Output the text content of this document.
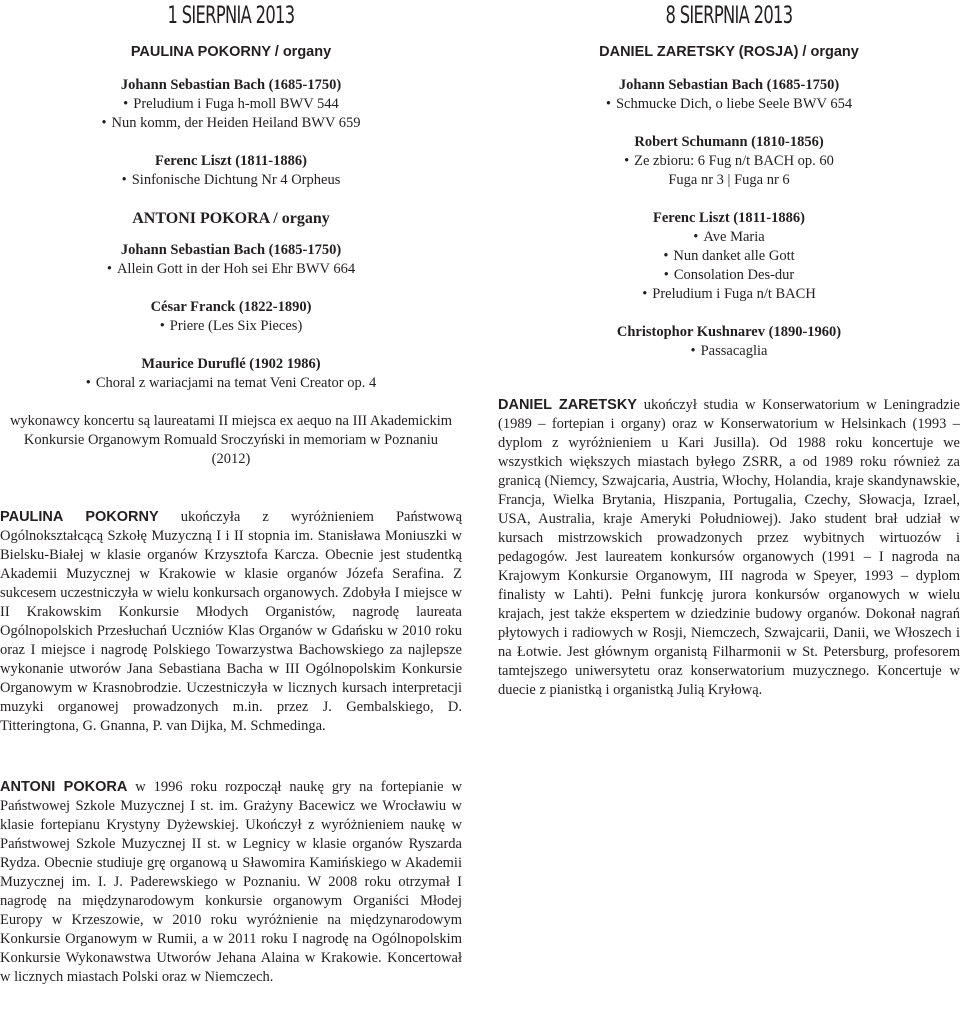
1 SIERPNIA 2013
PAULINA POKORNY / organy

Johann Sebastian Bach (1685-1750)

• Preludium i Fuga h-moll BWV 544

• Nun komm, der Heiden Heiland BWV 659

Ferenc Liszt (1811-1886)

• Sinfonische Dichtung Nr 4 Orpheus

ANTONI POKORA / organy

Johann Sebastian Bach (1685-1750)

• Allein Gott in der Hoh sei Ehr BWV 664

César Franck (1822-1890)

• Priere (Les Six Pieces)

Maurice Duruflé (1902 1986)

• Choral z wariacjami na temat Veni Creator op. 4

wykonawcy koncertu są laureatami II miejsca ex aequo na III Akademickim Konkursie Organowym Romuald Sroczyński in memoriam w Poznaniu (2012)

PAULINA POKORNY ukończyła z wyróżnieniem Państwową Ogólnokształcącą Szkołę Muzyczną I i II stopnia im. Stanisława Moniuszki w Bielsku-Białej w klasie organów Krzysztofa Karcza. Obecnie jest studentką Akademii Muzycznej w Krakowie w klasie organów Józefa Serafina. Z sukcesem uczestniczyła w wielu konkursach organowych. Zdobyła I miejsce w II Krakowskim Konkursie Młodych Organistów, nagrodę laureata Ogólnopolskich Przesłuchań Uczniów Klas Organów w Gdańsku w 2010 roku oraz I miejsce i nagrodę Polskiego Towarzystwa Bachowskiego za najlepsze wykonanie utworów Jana Sebastiana Bacha w III Ogólnopolskim Konkursie Organowym w Krasnobrodzie. Uczestniczyła w licznych kursach interpretacji muzyki organowej prowadzonych m.in. przez J. Gembalskiego, D. Titteringtona, G. Gnanna, P. van Dijka, M. Schmedinga.

ANTONI POKORA w 1996 roku rozpoczął naukę gry na fortepianie w Państwowej Szkole Muzycznej I st. im. Grażyny Bacewicz we Wrocławiu w klasie fortepianu Krystyny Dyżewskiej. Ukończył z wyróżnieniem naukę w Państwowej Szkole Muzycznej II st. w Legnicy w klasie organów Ryszarda Rydza. Obecnie studiuje grę organową u Sławomira Kamińskiego w Akademii Muzycznej im. I. J. Paderewskiego w Poznaniu. W 2008 roku otrzymał I nagrodę na międzynarodowym konkursie organowym Organiści Młodej Europy w Krzeszowie, w 2010 roku wyróżnienie na międzynarodowym Konkursie Organowym w Rumii, a w 2011 roku I nagrodę na Ogólnopolskim Konkursie Wykonawstwa Utworów Jehana Alaina w Krakowie. Koncertował w licznych miastach Polski oraz w Niemczech.

8 SIERPNIA 2013
DANIEL ZARETSKY (ROSJA) / organy

Johann Sebastian Bach (1685-1750)

• Schmucke Dich, o liebe Seele BWV 654

Robert Schumann (1810-1856)

• Ze zbioru: 6 Fug n/t BACH op. 60

Fuga nr 3 | Fuga nr 6

Ferenc Liszt (1811-1886)

• Ave Maria

• Nun danket alle Gott

• Consolation Des-dur

• Preludium i Fuga n/t BACH

Christophor Kushnarev (1890-1960)

• Passacaglia

DANIEL ZARETSKY ukończył studia w Konserwatorium w Leningradzie (1989 – fortepian i organy) oraz w Konserwatorium w Helsinkach (1993 – dyplom z wyróżnieniem u Kari Jusilla). Od 1988 roku koncertuje we wszystkich większych miastach byłego ZSRR, a od 1989 roku również za granicą (Niemcy, Szwajcaria, Austria, Włochy, Holandia, kraje skandynawskie, Francja, Wielka Brytania, Hiszpania, Portugalia, Czechy, Słowacja, Izrael, USA, Australia, kraje Ameryki Południowej). Jako student brał udział w kursach mistrzowskich prowadzonych przez wybitnych wirtuozów i pedagogów. Jest laureatem konkursów organowych (1991 – I nagroda na Krajowym Konkursie Organowym, III nagroda w Speyer, 1993 – dyplom finalisty w Lahti). Pełni funkcję jurora konkursów organowych w wielu krajach, jest także ekspertem w dziedzinie budowy organów. Dokonał nagrań płytowych i radiowych w Rosji, Niemczech, Szwajcarii, Danii, we Włoszech i na Łotwie. Jest głównym organistą Filharmonii w St. Petersburg, profesorem tamtejszego uniwersytetu oraz konserwatorium muzycznego. Koncertuje w duecie z pianistką i organistką Julią Kryłową.
